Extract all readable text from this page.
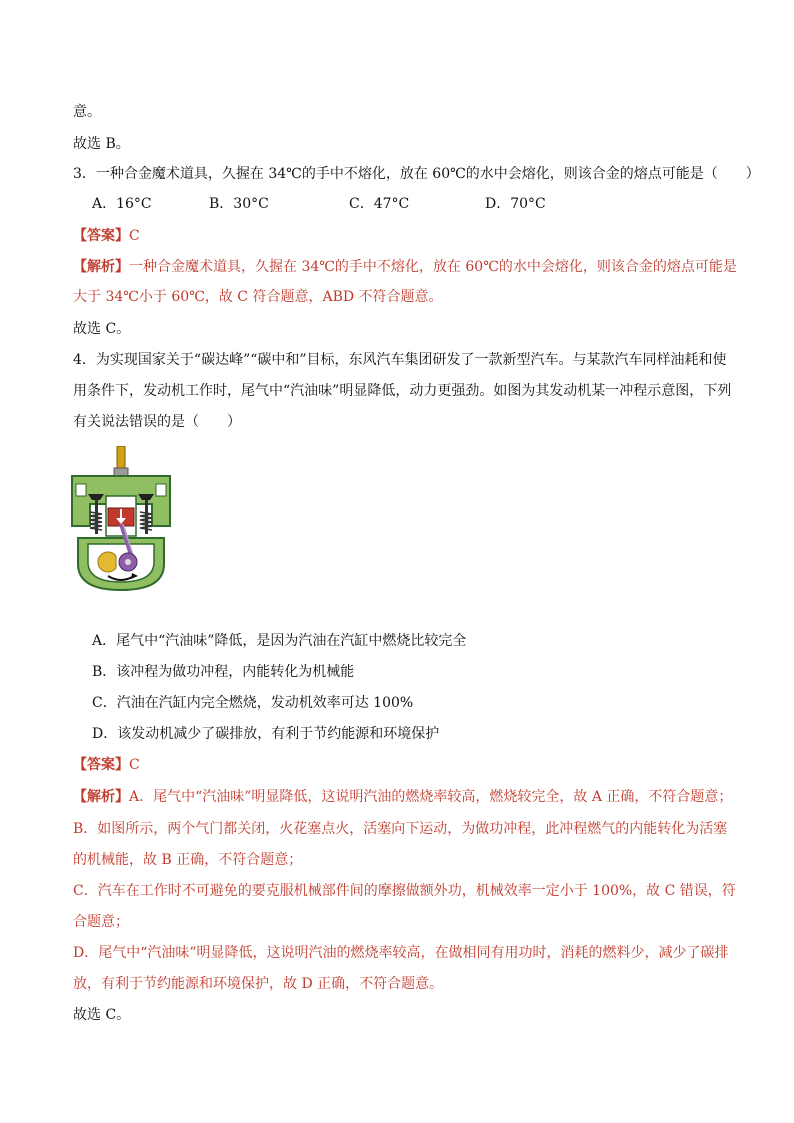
意。
故选 B。
3．一种合金魔术道具，久握在 34℃的手中不熔化，放在 60℃的水中会熔化，则该合金的熔点可能是（　　）
A．16°C	B．30°C	C．47°C	D．70°C
【答案】C
【解析】一种合金魔术道具，久握在 34℃的手中不熔化，放在 60℃的水中会熔化，则该合金的熔点可能是
大于 34℃小于 60℃，故 C 符合题意，ABD 不符合题意。
故选 C。
4．为实现国家关于“碳达峰”“碳中和”目标，东风汽车集团研发了一款新型汽车。与某款汽车同样油耗和使
用条件下，发动机工作时，尾气中“汽油味”明显降低，动力更强劲。如图为其发动机某一冲程示意图，下列
有关说法错误的是（　　）
A．尾气中“汽油味”降低，是因为汽油在汽缸中燃烧比较完全
B．该冲程为做功冲程，内能转化为机械能
C．汽油在汽缸内完全燃烧，发动机效率可达 100%
D．该发动机减少了碳排放，有利于节约能源和环境保护
【答案】C
【解析】A．尾气中“汽油味”明显降低，这说明汽油的燃烧率较高，燃烧较完全，故 A 正确，不符合题意；
B．如图所示，两个气门都关闭，火花塞点火，活塞向下运动，为做功冲程，此冲程燃气的内能转化为活塞
的机械能，故 B 正确，不符合题意；
C．汽车在工作时不可避免的要克服机械部件间的摩擦做额外功，机械效率一定小于 100%，故 C 错误，符
合题意；
D．尾气中“汽油味”明显降低，这说明汽油的燃烧率较高，在做相同有用功时，消耗的燃料少，减少了碳排
放，有利于节约能源和环境保护，故 D 正确，不符合题意。
故选 C。
